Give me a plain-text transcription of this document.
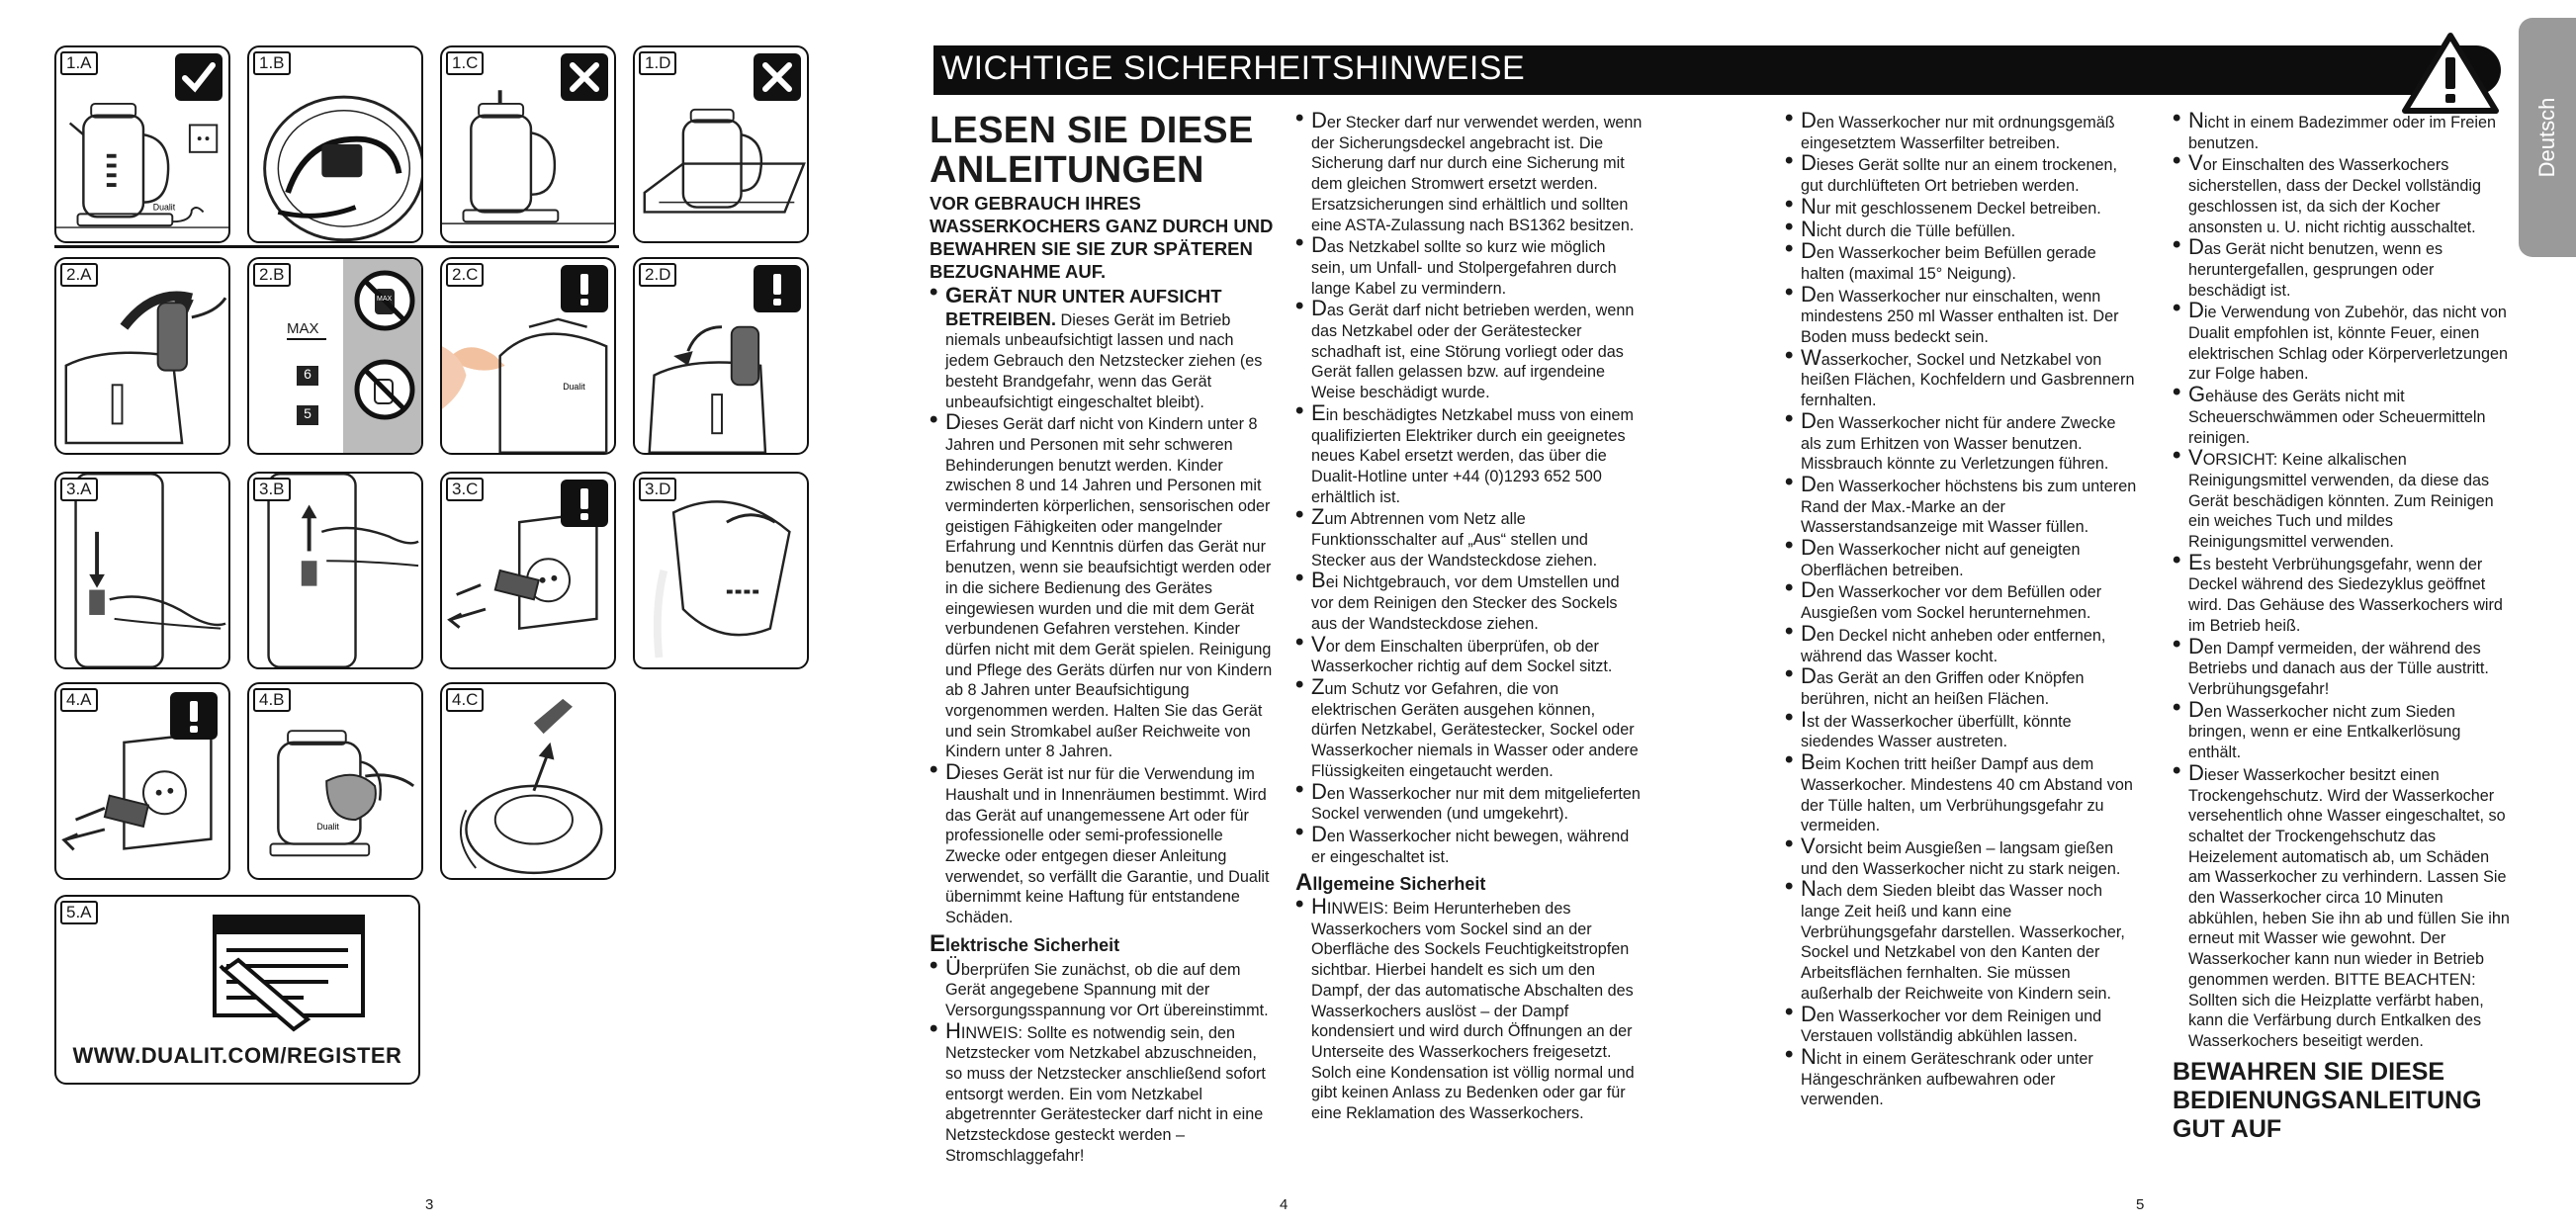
1.A
Dualit
1.B	1.C	1.D
2.A	2.B
MAX
6
5
MAX
2.C
Dualit
2.D
3.A	3.B	3.C	3.D
4.A	4.B
Dualit
4.C
5.A
WWW.DUALIT.COM/REGISTER
3
WICHTIGE SICHERHEITSHINWEISE
Deutsch

LESEN SIE DIESE

ANLEITUNGEN

VOR GEBRAUCH IHRES WASSERKOCHERS GANZ DURCH UND BEWAHREN SIE SIE ZUR SPÄTEREN BEZUGNAHME AUF.

• GERÄT NUR UNTER AUFSICHT BETREIBEN. Dieses Gerät im Betrieb niemals unbeaufsichtigt lassen und nach jedem Gebrauch den Netzstecker ziehen (es besteht Brandgefahr, wenn das Gerät unbeaufsichtigt eingeschaltet bleibt).

• Dieses Gerät darf nicht von Kindern unter 8 Jahren und Personen mit sehr schweren Behinderungen benutzt werden. Kinder zwischen 8 und 14 Jahren und Personen mit verminderten körperlichen, sensorischen oder geistigen Fähigkeiten oder mangelnder Erfahrung und Kenntnis dürfen das Gerät nur benutzen, wenn sie beaufsichtigt werden oder in die sichere Bedienung des Gerätes eingewiesen wurden und die mit dem Gerät verbundenen Gefahren verstehen. Kinder dürfen nicht mit dem Gerät spielen. Reinigung und Pflege des Geräts dürfen nur von Kindern ab 8 Jahren unter Beaufsichtigung vorgenommen werden. Halten Sie das Gerät und sein Stromkabel außer Reichweite von Kindern unter 8 Jahren.

• Dieses Gerät ist nur für die Verwendung im Haushalt und in Innenräumen bestimmt. Wird das Gerät auf unangemessene Art oder für professionelle oder semi-professionelle Zwecke oder entgegen dieser Anleitung verwendet, so verfällt die Garantie, und Dualit übernimmt keine Haftung für entstandene Schäden.

Elektrische Sicherheit

• Überprüfen Sie zunächst, ob die auf dem Gerät angegebene Spannung mit der Versorgungsspannung vor Ort übereinstimmt.

• HINWEIS: Sollte es notwendig sein, den Netzstecker vom Netzkabel abzuschneiden, so muss der Netzstecker anschließend sofort entsorgt werden. Ein vom Netzkabel abgetrennter Gerätestecker darf nicht in eine Netzsteckdose gesteckt werden – Stromschlaggefahr!

• Der Stecker darf nur verwendet werden, wenn der Sicherungsdeckel angebracht ist. Die Sicherung darf nur durch eine Sicherung mit dem gleichen Stromwert ersetzt werden. Ersatzsicherungen sind erhältlich und sollten eine ASTA-Zulassung nach BS1362 besitzen.

• Das Netzkabel sollte so kurz wie möglich sein, um Unfall- und Stolpergefahren durch lange Kabel zu vermindern.

• Das Gerät darf nicht betrieben werden, wenn das Netzkabel oder der Gerätestecker schadhaft ist, eine Störung vorliegt oder das Gerät fallen gelassen bzw. auf irgendeine Weise beschädigt wurde.

• Ein beschädigtes Netzkabel muss von einem qualifizierten Elektriker durch ein geeignetes neues Kabel ersetzt werden, das über die Dualit-Hotline unter +44 (0)1293 652 500 erhältlich ist.

• Zum Abtrennen vom Netz alle Funktionsschalter auf „Aus“ stellen und Stecker aus der Wandsteckdose ziehen.

• Bei Nichtgebrauch, vor dem Umstellen und vor dem Reinigen den Stecker des Sockels aus der Wandsteckdose ziehen.

• Vor dem Einschalten überprüfen, ob der Wasserkocher richtig auf dem Sockel sitzt.

• Zum Schutz vor Gefahren, die von elektrischen Geräten ausgehen können, dürfen Netzkabel, Gerätestecker, Sockel oder Wasserkocher niemals in Wasser oder andere Flüssigkeiten eingetaucht werden.

• Den Wasserkocher nur mit dem mitgelieferten Sockel verwenden (und umgekehrt).

• Den Wasserkocher nicht bewegen, während er eingeschaltet ist.

Allgemeine Sicherheit

• HINWEIS: Beim Herunterheben des Wasserkochers vom Sockel sind an der Oberfläche des Sockels Feuchtigkeitstropfen sichtbar. Hierbei handelt es sich um den Dampf, der das automatische Abschalten des Wasserkochers auslöst – der Dampf kondensiert und wird durch Öffnungen an der Unterseite des Wasserkochers freigesetzt. Solch eine Kondensation ist völlig normal und gibt keinen Anlass zu Bedenken oder gar für eine Reklamation des Wasserkochers.

4

• Den Wasserkocher nur mit ordnungsgemäß eingesetztem Wasserfilter betreiben.

• Dieses Gerät sollte nur an einem trockenen, gut durchlüfteten Ort betrieben werden.

• Nur mit geschlossenem Deckel betreiben.

• Nicht durch die Tülle befüllen.

• Den Wasserkocher beim Befüllen gerade halten (maximal 15° Neigung).

• Den Wasserkocher nur einschalten, wenn mindestens 250 ml Wasser enthalten ist. Der Boden muss bedeckt sein.

• Wasserkocher, Sockel und Netzkabel von heißen Flächen, Kochfeldern und Gasbrennern fernhalten.

• Den Wasserkocher nicht für andere Zwecke als zum Erhitzen von Wasser benutzen. Missbrauch könnte zu Verletzungen führen.

• Den Wasserkocher höchstens bis zum unteren Rand der Max.-Marke an der Wasserstandsanzeige mit Wasser füllen.

• Den Wasserkocher nicht auf geneigten Oberflächen betreiben.

• Den Wasserkocher vor dem Befüllen oder Ausgießen vom Sockel herunternehmen.

• Den Deckel nicht anheben oder entfernen, während das Wasser kocht.

• Das Gerät an den Griffen oder Knöpfen berühren, nicht an heißen Flächen.

• Ist der Wasserkocher überfüllt, könnte siedendes Wasser austreten.

• Beim Kochen tritt heißer Dampf aus dem Wasserkocher. Mindestens 40 cm Abstand von der Tülle halten, um Verbrühungsgefahr zu vermeiden.

• Vorsicht beim Ausgießen – langsam gießen und den Wasserkocher nicht zu stark neigen.

• Nach dem Sieden bleibt das Wasser noch lange Zeit heiß und kann eine Verbrühungsgefahr darstellen. Wasserkocher, Sockel und Netzkabel von den Kanten der Arbeitsflächen fernhalten. Sie müssen außerhalb der Reichweite von Kindern sein.

• Den Wasserkocher vor dem Reinigen und Verstauen vollständig abkühlen lassen.

• Nicht in einem Geräteschrank oder unter Hängeschränken aufbewahren oder verwenden.

• Nicht in einem Badezimmer oder im Freien benutzen.

• Vor Einschalten des Wasserkochers sicherstellen, dass der Deckel vollständig geschlossen ist, da sich der Kocher ansonsten u. U. nicht richtig ausschaltet.

• Das Gerät nicht benutzen, wenn es heruntergefallen, gesprungen oder beschädigt ist.

• Die Verwendung von Zubehör, das nicht von Dualit empfohlen ist, könnte Feuer, einen elektrischen Schlag oder Körperverletzungen zur Folge haben.

• Gehäuse des Geräts nicht mit Scheuerschwämmen oder Scheuermitteln reinigen.

• VORSICHT: Keine alkalischen Reinigungsmittel verwenden, da diese das Gerät beschädigen könnten. Zum Reinigen ein weiches Tuch und mildes Reinigungsmittel verwenden.

• Es besteht Verbrühungsgefahr, wenn der Deckel während des Siedezyklus geöffnet wird. Das Gehäuse des Wasserkochers wird im Betrieb heiß.

• Den Dampf vermeiden, der während des Betriebs und danach aus der Tülle austritt. Verbrühungsgefahr!

• Den Wasserkocher nicht zum Sieden bringen, wenn er eine Entkalkerlösung enthält.

• Dieser Wasserkocher besitzt einen Trockengehschutz. Wird der Wasserkocher versehentlich ohne Wasser eingeschaltet, so schaltet der Trockengehschutz das Heizelement automatisch ab, um Schäden am Wasserkocher zu verhindern. Lassen Sie den Wasserkocher circa 10 Minuten abkühlen, heben Sie ihn ab und füllen Sie ihn erneut mit Wasser wie gewohnt. Der Wasserkocher kann nun wieder in Betrieb genommen werden. BITTE BEACHTEN: Sollten sich die Heizplatte verfärbt haben, kann die Verfärbung durch Entkalken des Wasserkochers beseitigt werden.

BEWAHREN SIE DIESE BEDIENUNGSANLEITUNG GUT AUF
5
